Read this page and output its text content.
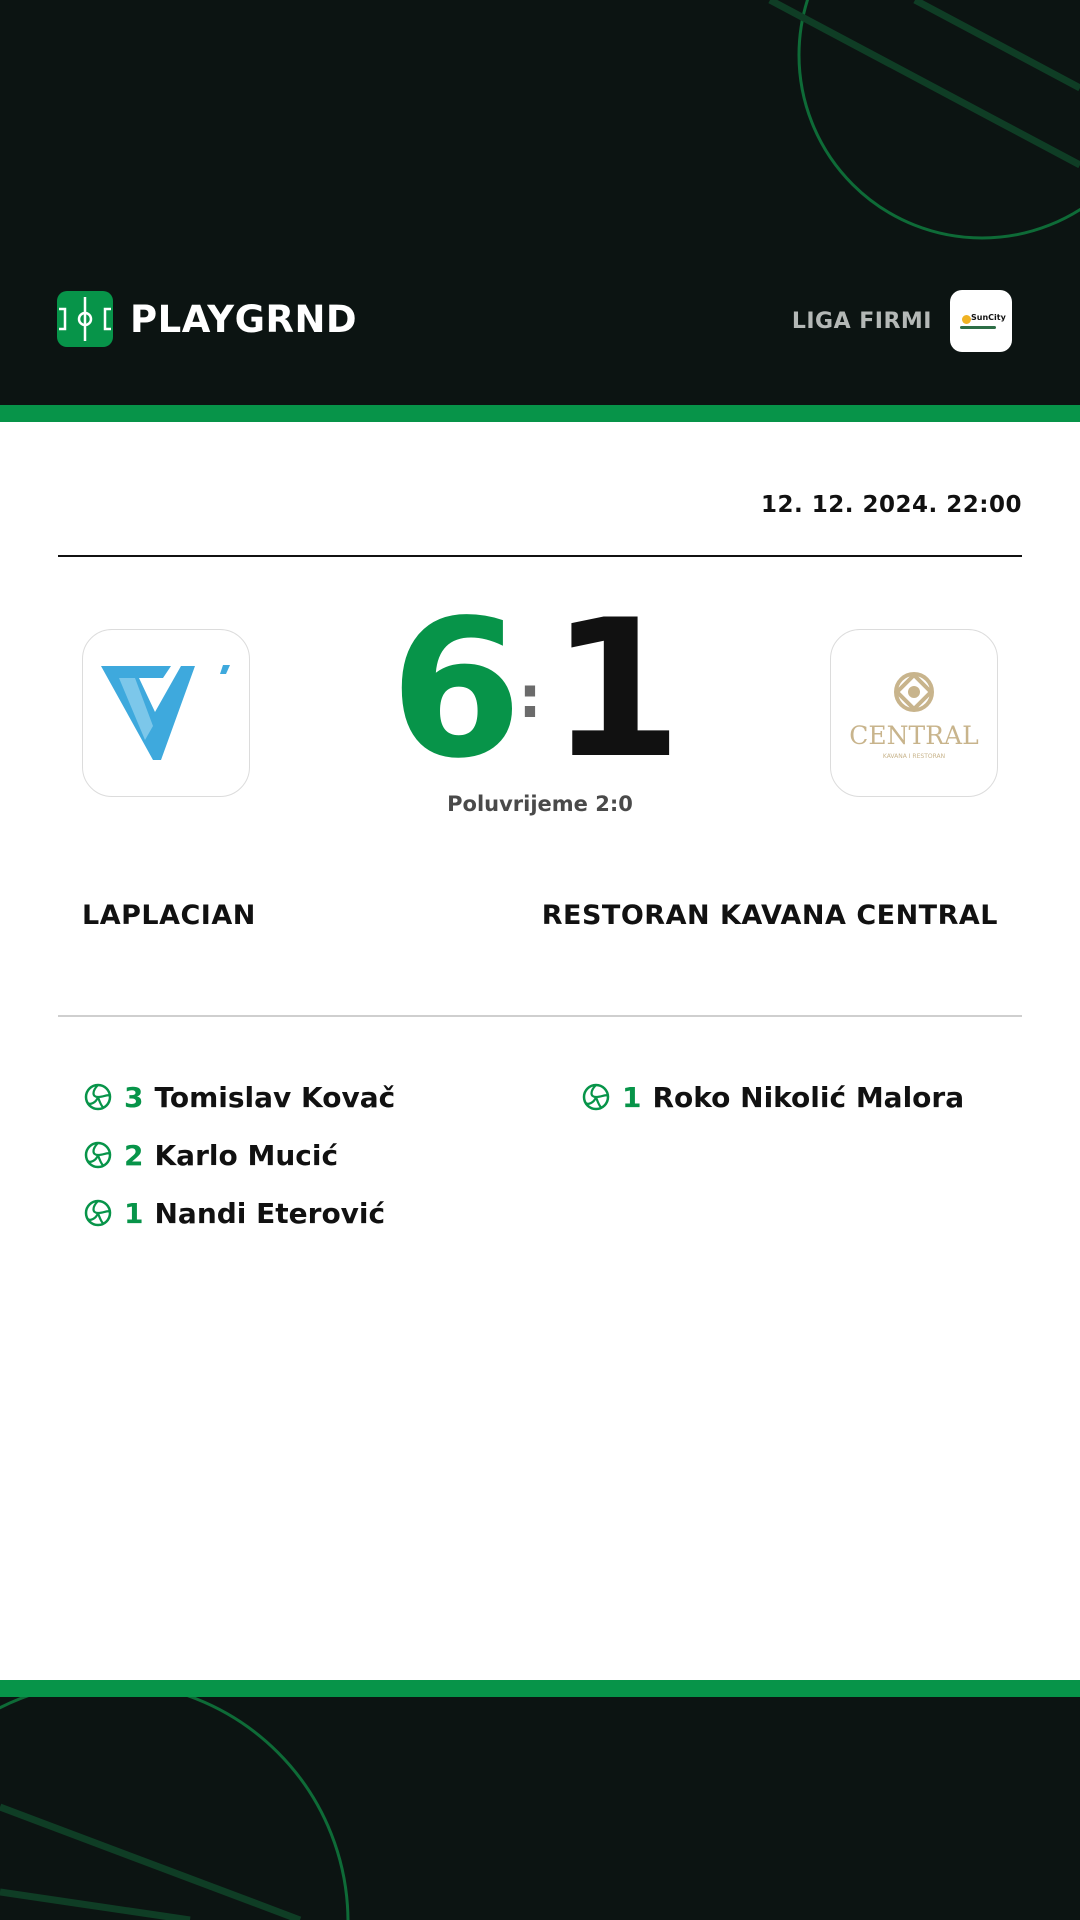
PLAYGRND	LIGA FIRMI	SunCity
12. 12. 2024. 22:00
6
: 1	CENTRAL
KAVANA I RESTORAN
Poluvrijeme 2:0
LAPLACIAN	RESTORAN KAVANA CENTRAL
3 Tomislav Kovač
2 Karlo Mucić
1 Nandi Eterović
1 Roko Nikolić Malora
